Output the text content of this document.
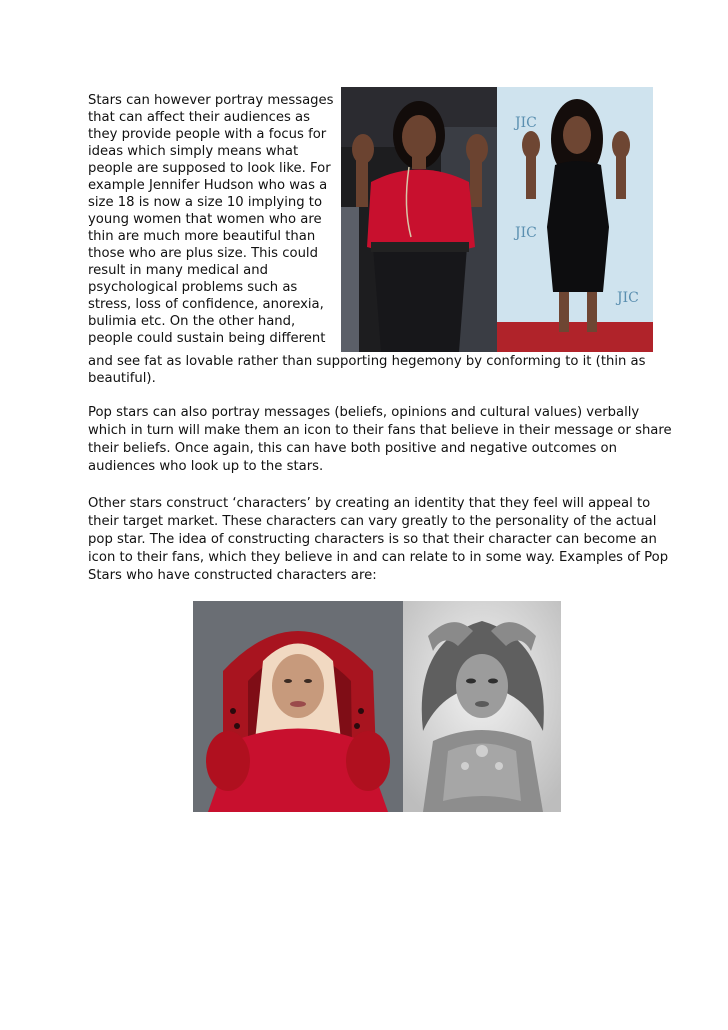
Stars can however portray messages
that can affect their audiences as
they provide people with a focus for
ideas which simply means what
people are supposed to look like. For
example Jennifer Hudson who was a
size 18 is now a size 10 implying to
young women that women who are
thin are much more beautiful than
those who are plus size. This could
result in many medical and
psychological problems such as
stress, loss of confidence, anorexia,
bulimia etc. On the other hand,
people could sustain being different
and see fat as lovable rather than supporting hegemony by conforming to it (thin as
beautiful).
Pop stars can also portray messages (beliefs, opinions and cultural values) verbally
which in turn will make them an icon to their fans that believe in their message or share
their beliefs. Once again, this can have both positive and negative outcomes on
audiences who look up to the stars.
Other stars construct ‘characters’ by creating an identity that they feel will appeal to
their target market. These characters can vary greatly to the personality of the actual
pop star. The idea of constructing characters is so that their character can become an
icon to their fans, which they believe in and can relate to in some way. Examples of Pop
Stars who have constructed characters are:
JIC
JIC
JIC
